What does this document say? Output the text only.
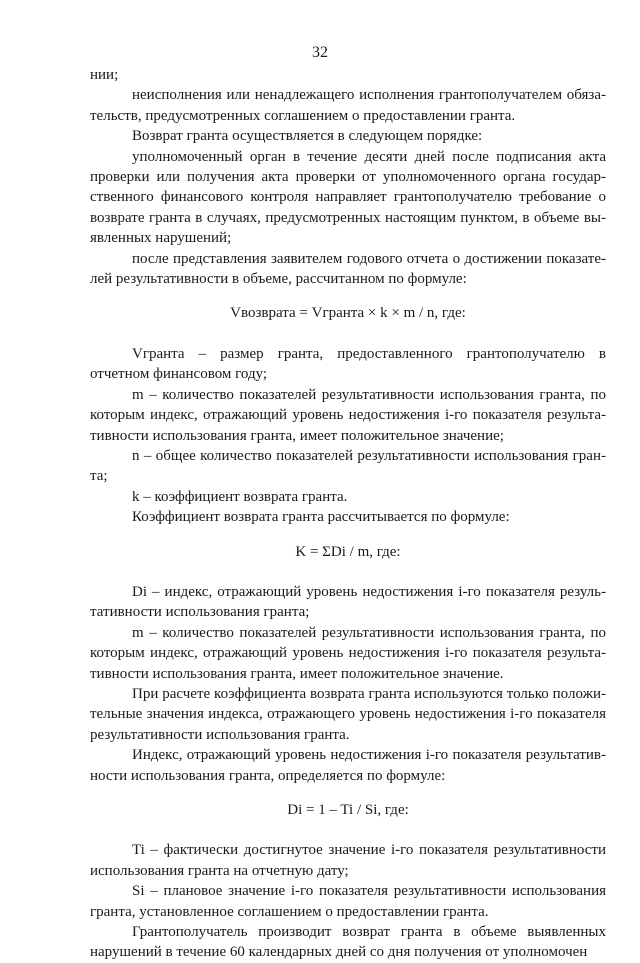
32

нии;

неисполнения или ненадлежащего исполнения грантополучателем обязательств, предусмотренных соглашением о предоставлении гранта.

Возврат гранта осуществляется в следующем порядке:

уполномоченный орган в течение десяти дней после подписания акта проверки или получения акта проверки от уполномоченного органа государственного финансового контроля направляет грантополучателю требование о возврате гранта в случаях, предусмотренных настоящим пунктом, в объеме выявленных нарушений;

после представления заявителем годового отчета о достижении показателей результативности в объеме, рассчитанном по формуле:

Vвозврата = Vгранта × k × m / n, где:

Vгранта – размер гранта, предоставленного грантополучателю в отчетном финансовом году;

m – количество показателей результативности использования гранта, по которым индекс, отражающий уровень недостижения i-го показателя результативности использования гранта, имеет положительное значение;

n – общее количество показателей результативности использования гранта;

k – коэффициент возврата гранта.

Коэффициент возврата гранта рассчитывается по формуле:

K = ΣDi / m, где:

Di – индекс, отражающий уровень недостижения i-го показателя результативности использования гранта;

m – количество показателей результативности использования гранта, по которым индекс, отражающий уровень недостижения i-го показателя результативности использования гранта, имеет положительное значение.

При расчете коэффициента возврата гранта используются только положительные значения индекса, отражающего уровень недостижения i-го показателя результативности использования гранта.

Индекс, отражающий уровень недостижения i-го показателя результативности использования гранта, определяется по формуле:

Di = 1 – Ti / Si, где:

Ti – фактически достигнутое значение i-го показателя результативности использования гранта на отчетную дату;

Si – плановое значение i-го показателя результативности использования гранта, установленное соглашением о предоставлении гранта.

Грантополучатель производит возврат гранта в объеме выявленных нарушений в течение 60 календарных дней со дня получения от уполномочен
